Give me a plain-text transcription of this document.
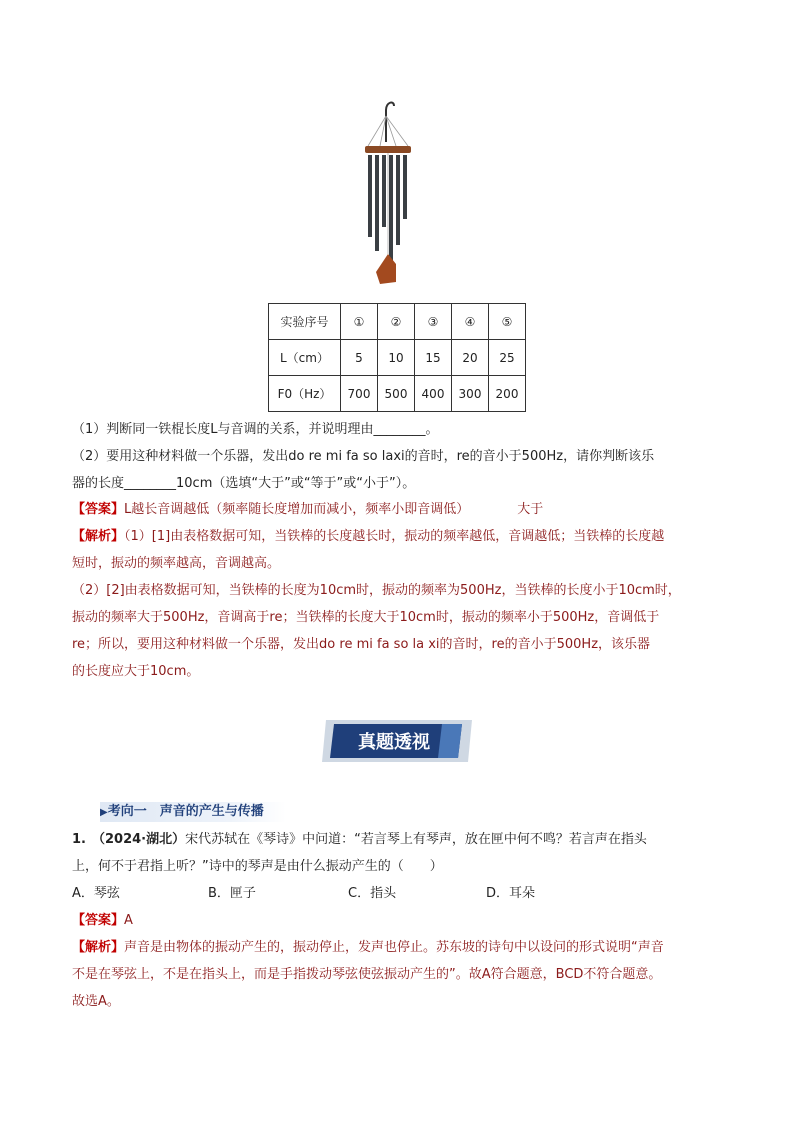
实验序号	①	②	③	④	⑤
L（cm）	5	10	15	20	25
F0（Hz）	700	500	400	300	200
（1）判断同一铁棍长度L与音调的关系，并说明理由________。
（2）要用这种材料做一个乐器，发出do re mi fa so laxi的音时，re的音小于500Hz，请你判断该乐
器的长度________10cm（选填“大于”或“等于”或“小于”）。
【答案】L越长音调越低（频率随长度增加而减小，频率小即音调低）	大于
【解析】（1）[1]由表格数据可知，当铁棒的长度越长时，振动的频率越低，音调越低；当铁棒的长度越
短时，振动的频率越高，音调越高。
（2）[2]由表格数据可知，当铁棒的长度为10cm时，振动的频率为500Hz，当铁棒的长度小于10cm时，
振动的频率大于500Hz，音调高于re；当铁棒的长度大于10cm时，振动的频率小于500Hz，音调低于
re；所以，要用这种材料做一个乐器，发出do re mi fa so la xi的音时，re的音小于500Hz，该乐器
的长度应大于10cm。
真题透视
▶考向一　声音的产生与传播
1. （2024·湖北）宋代苏轼在《琴诗》中问道：“若言琴上有琴声，放在匣中何不鸣？若言声在指头
上，何不于君指上听？”诗中的琴声是由什么振动产生的（　　）
A．琴弦	B．匣子	C．指头	D．耳朵
【答案】A
【解析】声音是由物体的振动产生的，振动停止，发声也停止。苏东坡的诗句中以设问的形式说明“声音
不是在琴弦上，不是在指头上，而是手指拨动琴弦使弦振动产生的”。故A符合题意，BCD不符合题意。
故选A。
